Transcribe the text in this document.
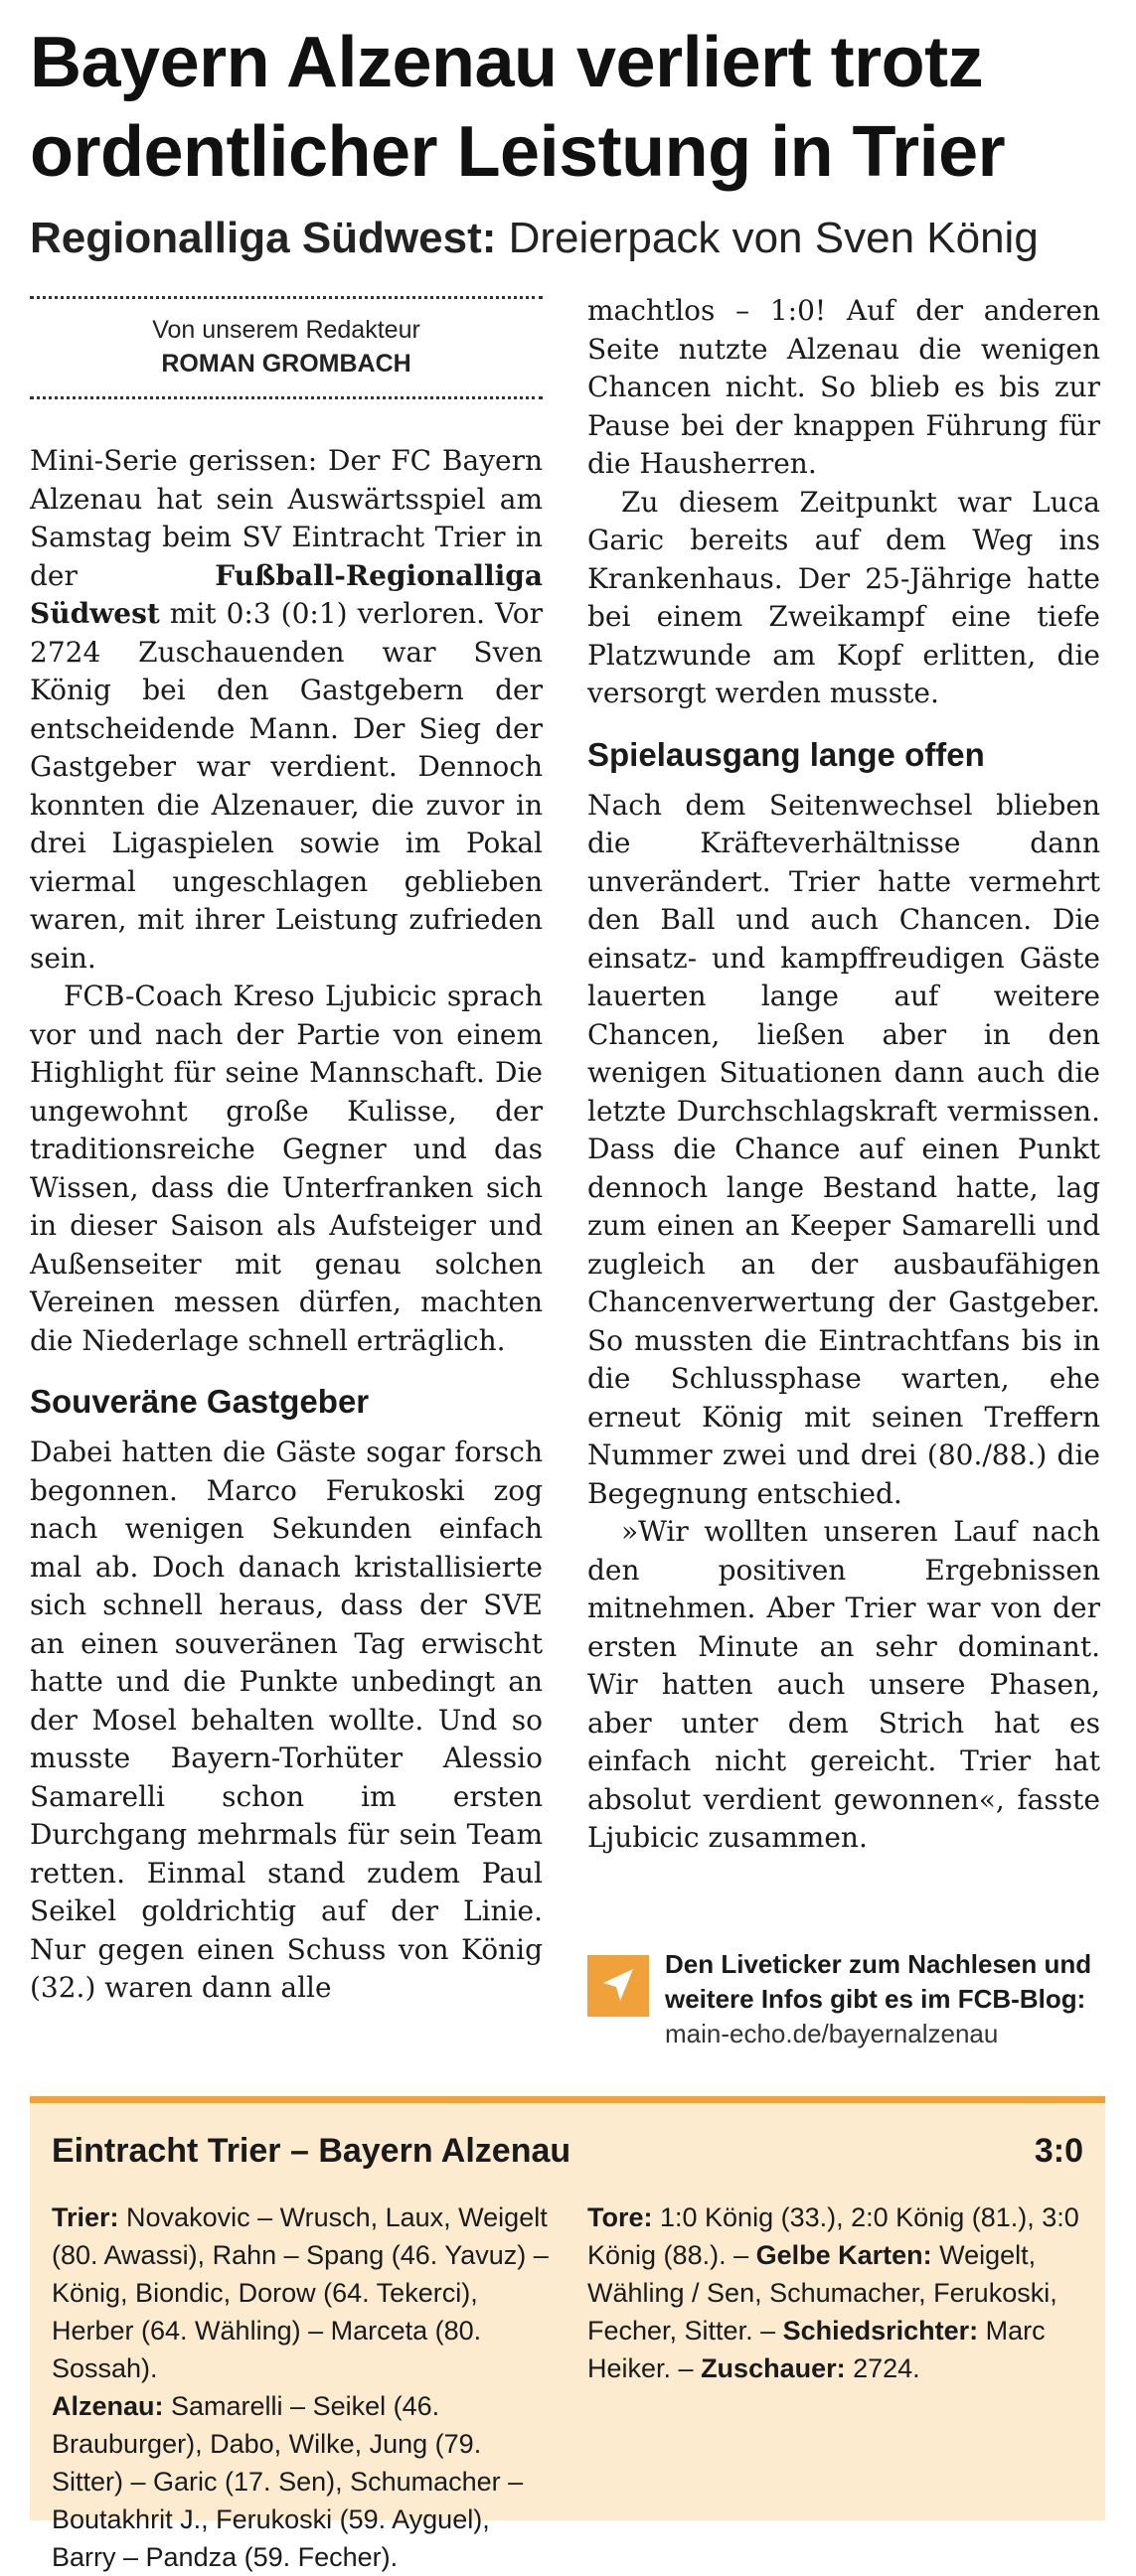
Bayern Alzenau verliert trotz ordentlicher Leistung in Trier
Regionalliga Südwest: Dreierpack von Sven König
Von unserem Redakteur
ROMAN GROMBACH

Mini-Serie gerissen: Der FC Bayern Alzenau hat sein Auswärtsspiel am Samstag beim SV Eintracht Trier in der Fußball-Regionalliga Südwest mit 0:3 (0:1) verloren. Vor 2724 Zuschauenden war Sven König bei den Gastgebern der entscheidende Mann. Der Sieg der Gastgeber war verdient. Dennoch konnten die Alzenauer, die zuvor in drei Ligaspielen sowie im Pokal viermal ungeschlagen geblieben waren, mit ihrer Leistung zufrieden sein.

FCB-Coach Kreso Ljubicic sprach vor und nach der Partie von einem Highlight für seine Mannschaft. Die ungewohnt große Kulisse, der traditionsreiche Gegner und das Wissen, dass die Unterfranken sich in dieser Saison als Aufsteiger und Außenseiter mit genau solchen Vereinen messen dürfen, machten die Niederlage schnell erträglich.

Souveräne Gastgeber

Dabei hatten die Gäste sogar forsch begonnen. Marco Ferukoski zog nach wenigen Sekunden einfach mal ab. Doch danach kristallisierte sich schnell heraus, dass der SVE an einen souveränen Tag erwischt hatte und die Punkte unbedingt an der Mosel behalten wollte. Und so musste Bayern-Torhüter Alessio Samarelli schon im ersten Durchgang mehrmals für sein Team retten. Einmal stand zudem Paul Seikel goldrichtig auf der Linie. Nur gegen einen Schuss von König (32.) waren dann alle

machtlos – 1:0! Auf der anderen Seite nutzte Alzenau die wenigen Chancen nicht. So blieb es bis zur Pause bei der knappen Führung für die Hausherren.

Zu diesem Zeitpunkt war Luca Garic bereits auf dem Weg ins Krankenhaus. Der 25-Jährige hatte bei einem Zweikampf eine tiefe Platzwunde am Kopf erlitten, die versorgt werden musste.

Spielausgang lange offen

Nach dem Seitenwechsel blieben die Kräfteverhältnisse dann unverändert. Trier hatte vermehrt den Ball und auch Chancen. Die einsatz- und kampffreudigen Gäste lauerten lange auf weitere Chancen, ließen aber in den wenigen Situationen dann auch die letzte Durchschlagskraft vermissen. Dass die Chance auf einen Punkt dennoch lange Bestand hatte, lag zum einen an Keeper Samarelli und zugleich an der ausbaufähigen Chancenverwertung der Gastgeber. So mussten die Eintrachtfans bis in die Schlussphase warten, ehe erneut König mit seinen Treffern Nummer zwei und drei (80./88.) die Begegnung entschied.

»Wir wollten unseren Lauf nach den positiven Ergebnissen mitnehmen. Aber Trier war von der ersten Minute an sehr dominant. Wir hatten auch unsere Phasen, aber unter dem Strich hat es einfach nicht gereicht. Trier hat absolut verdient gewonnen«, fasste Ljubicic zusammen.

Den Liveticker zum Nachlesen und weitere Infos gibt es im FCB-Blog:
main-echo.de/bayernalzenau
Eintracht Trier – Bayern Alzenau	3:0

Trier: Novakovic – Wrusch, Laux, Weigelt (80. Awassi), Rahn – Spang (46. Yavuz) – König, Biondic, Dorow (64. Tekerci), Herber (64. Wähling) – Marceta (80. Sossah).

Alzenau: Samarelli – Seikel (46. Brauburger), Dabo, Wilke, Jung (79. Sitter) – Garic (17. Sen), Schumacher – Boutakhrit J., Ferukoski (59. Ayguel), Barry – Pandza (59. Fecher).

Tore: 1:0 König (33.), 2:0 König (81.), 3:0 König (88.). – Gelbe Karten: Weigelt, Wähling / Sen, Schumacher, Ferukoski, Fecher, Sitter. – Schiedsrichter: Marc Heiker. – Zuschauer: 2724.
